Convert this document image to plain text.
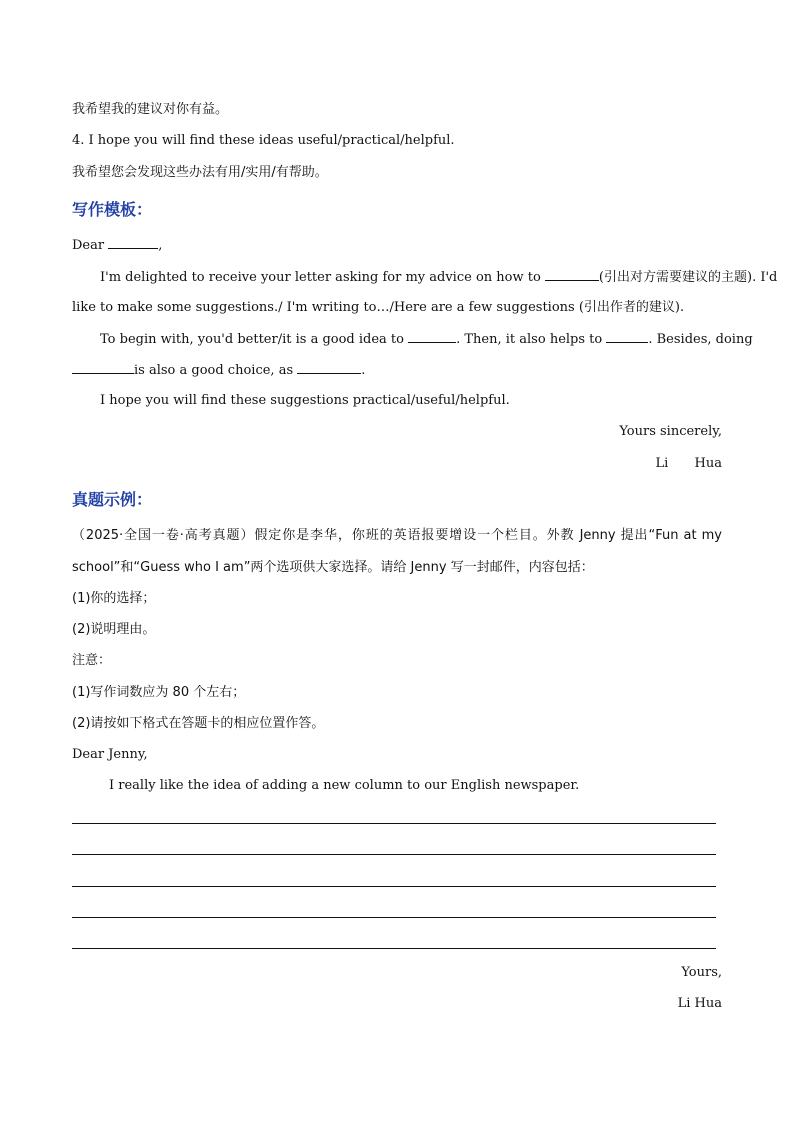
我希望我的建议对你有益。
4. I hope you will find these ideas useful/practical/helpful.
我希望您会发现这些办法有用/实用/有帮助。
写作模板：
Dear	,
I'm delighted to receive your letter asking for my advice on how to	(引出对方需要建议的主题). I'd
like to make some suggestions./ I'm writing to…/Here are a few suggestions (引出作者的建议).
To begin with, you'd better/it is a good idea to	. Then, it also helps to	. Besides, doing
is also a good choice, as	.
I hope you will find these suggestions practical/useful/helpful.
Yours sincerely,
Li Hua
真题示例：
（2025·全国一卷·高考真题）假定你是李华，你班的英语报要增设一个栏目。外教 Jenny 提出“Fun at my
school”和“Guess who I am”两个选项供大家选择。请给 Jenny 写一封邮件，内容包括：
(1)你的选择；
(2)说明理由。
注意：
(1)写作词数应为 80 个左右；
(2)请按如下格式在答题卡的相应位置作答。
Dear Jenny,
I really like the idea of adding a new column to our English newspaper.
Yours,
Li Hua
